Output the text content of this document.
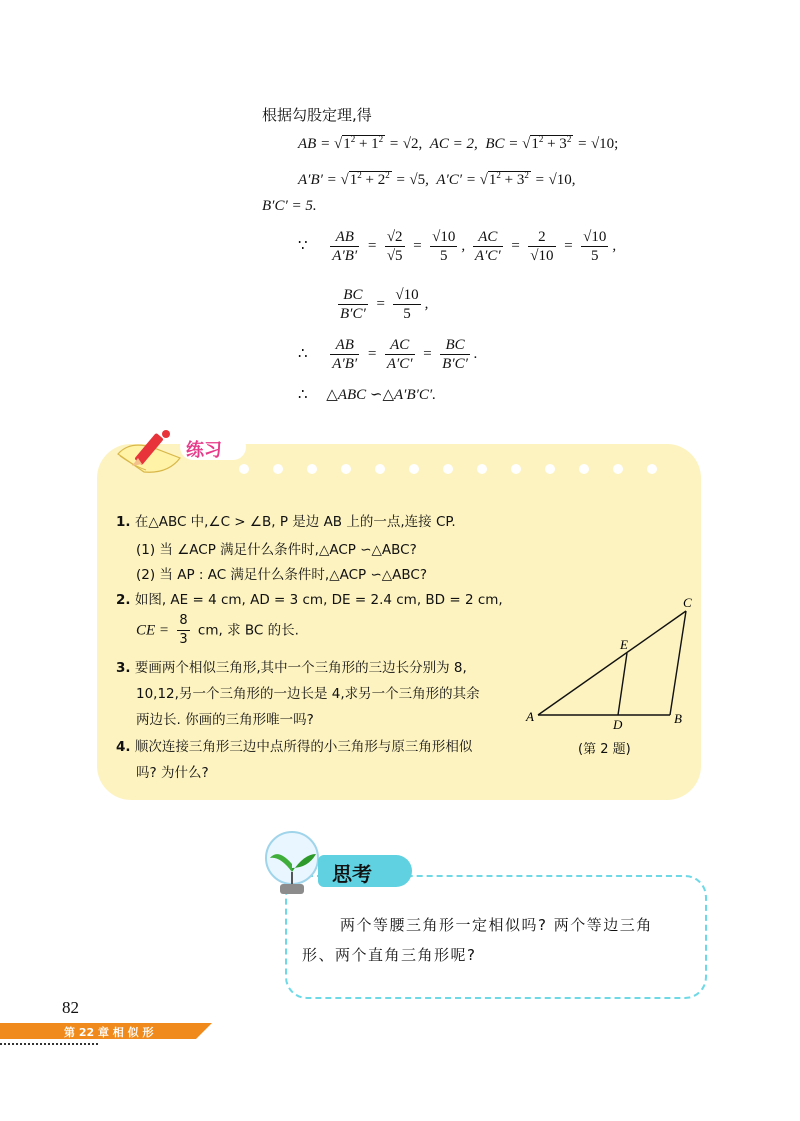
根据勾股定理,得
AB = $√1^2 + 1^2 = √2$, AC = 2, BC = $√1^2 + 3^2 = √10$;
$A'B' = √1^2 + 2^2 = √5$,  $A'C' = √1^2 + 3^2 = √10$,
B′C′ = 5.
∵ $\frac{AB}{A'B'} = \frac{√2}{√5} = \frac{√10}{5}$ , $\frac{AC}{A'C'} = \frac{2}{√10} = \frac{√10}{5}$ ,
$\frac{BC}{B'C'} = \frac{√10}{5}$ ,
∴ $\frac{AB}{A'B'} = \frac{AC}{A'C'} = \frac{BC}{B'C'}$ .
∴ △ABC ∽△A′B′C′.
练习
1. 在△ABC 中,∠C > ∠B, P 是边 AB 上的一点,连接 CP.
(1) 当 ∠ACP 满足什么条件时,△ACP ∽△ABC?
(2) 当 AP : AC 满足什么条件时,△ACP ∽△ABC?
2. 如图, AE = 4 cm, AD = 3 cm, DE = 2.4 cm, BD = 2 cm,
CE = $\frac{8}{3}$ cm, 求 BC 的长.
3. 要画两个相似三角形,其中一个三角形的三边长分别为 8,
10,12,另一个三角形的一边长是 4,求另一个三角形的其余
两边长. 你画的三角形唯一吗?
4. 顺次连接三角形三边中点所得的小三角形与原三角形相似
吗? 为什么?
A	B
C
D
E
(第 2 题)
思考
两个等腰三角形一定相似吗? 两个等边三角
形、两个直角三角形呢?
82
第 22 章 相 似 形
